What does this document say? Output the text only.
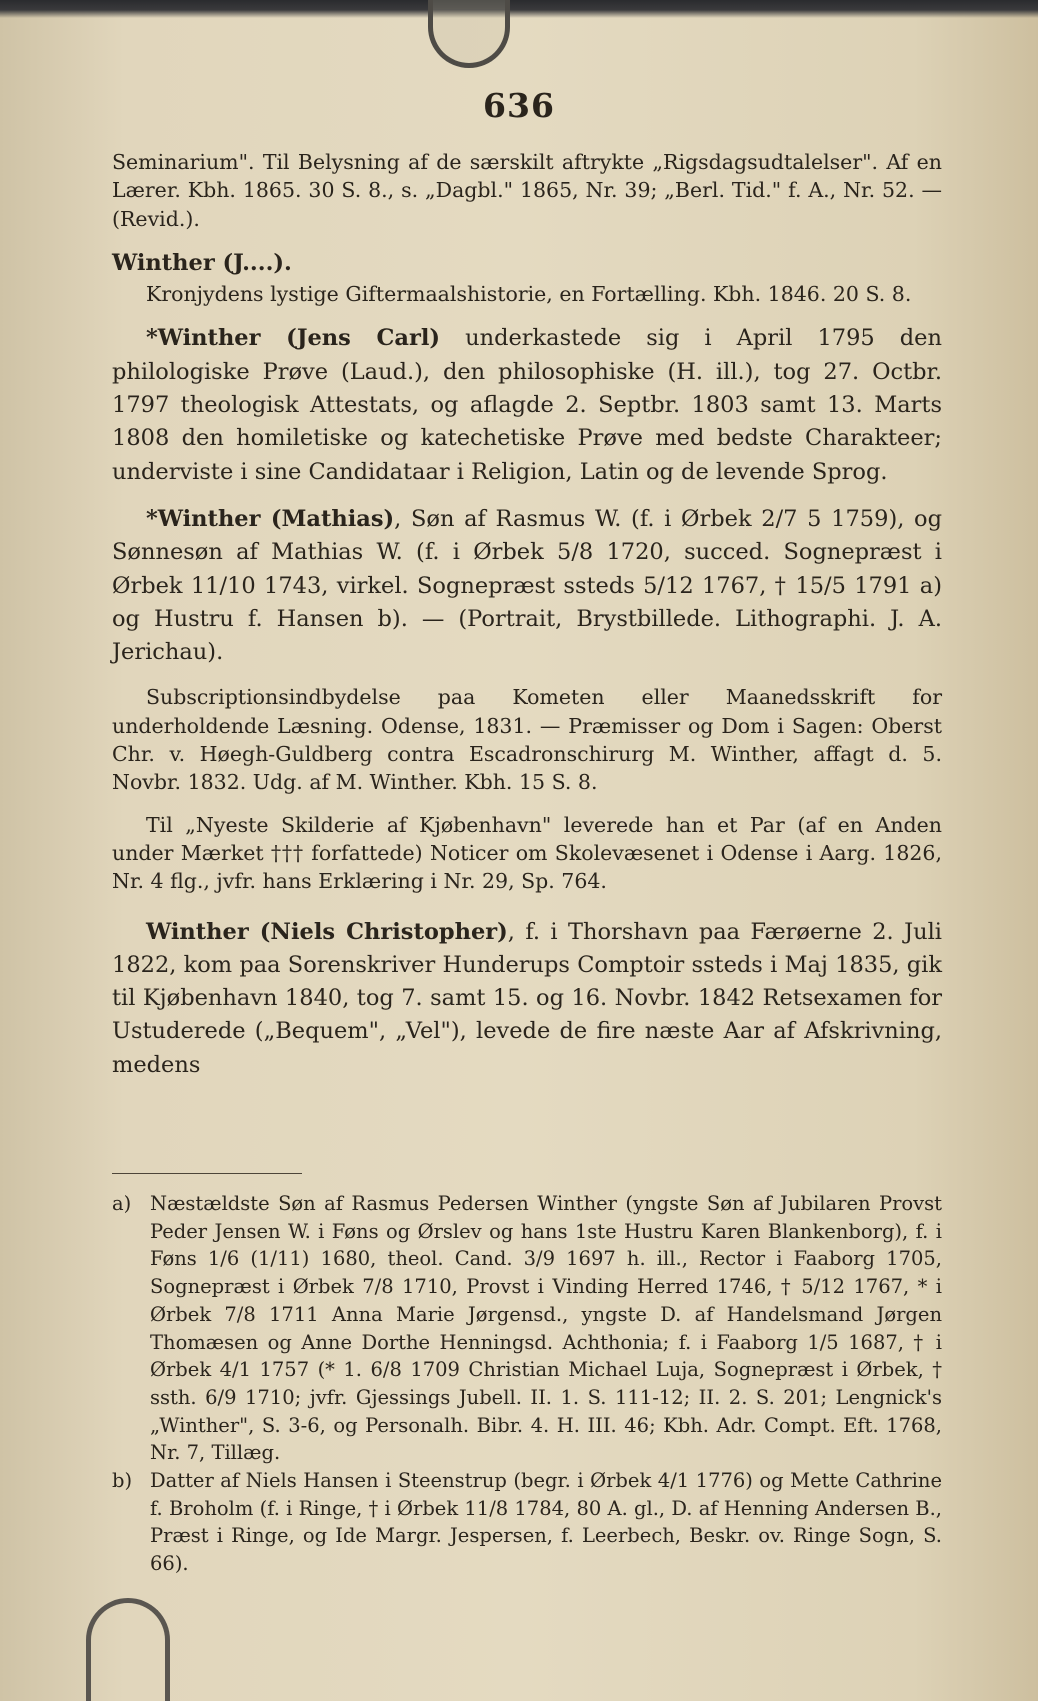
636

Seminarium". Til Belysning af de særskilt aftrykte „Rigsdagsudtalelser". Af en Lærer. Kbh. 1865. 30 S. 8., s. „Dagbl." 1865, Nr. 39; „Berl. Tid." f. A., Nr. 52. — (Revid.).

Winther (J....).

Kronjydens lystige Giftermaalshistorie, en Fortælling. Kbh. 1846. 20 S. 8.

*Winther (Jens Carl) underkastede sig i April 1795 den philologiske Prøve (Laud.), den philosophiske (H. ill.), tog 27. Octbr. 1797 theologisk Attestats, og aflagde 2. Septbr. 1803 samt 13. Marts 1808 den homiletiske og katechetiske Prøve med bedste Charakteer; underviste i sine Candidataar i Religion, Latin og de levende Sprog.

*Winther (Mathias), Søn af Rasmus W. (f. i Ørbek 2/7 5 1759), og Sønnesøn af Mathias W. (f. i Ørbek 5/8 1720, succed. Sognepræst i Ørbek 11/10 1743, virkel. Sognepræst ssteds 5/12 1767, † 15/5 1791 a) og Hustru f. Hansen b). — (Portrait, Brystbillede. Lithographi. J. A. Jerichau).

Subscriptionsindbydelse paa Kometen eller Maanedsskrift for underholdende Læsning. Odense, 1831. — Præmisser og Dom i Sagen: Oberst Chr. v. Høegh-Guldberg contra Escadronschirurg M. Winther, affagt d. 5. Novbr. 1832. Udg. af M. Winther. Kbh. 15 S. 8.

Til „Nyeste Skilderie af Kjøbenhavn" leverede han et Par (af en Anden under Mærket ††† forfattede) Noticer om Skolevæsenet i Odense i Aarg. 1826, Nr. 4 flg., jvfr. hans Erklæring i Nr. 29, Sp. 764.

Winther (Niels Christopher), f. i Thorshavn paa Færøerne 2. Juli 1822, kom paa Sorenskriver Hunderups Comptoir ssteds i Maj 1835, gik til Kjøbenhavn 1840, tog 7. samt 15. og 16. Novbr. 1842 Retsexamen for Ustuderede („Bequem", „Vel"), levede de fire næste Aar af Afskrivning, medens

a) Næstældste Søn af Rasmus Pedersen Winther (yngste Søn af Jubilaren Provst Peder Jensen W. i Føns og Ørslev og hans 1ste Hustru Karen Blankenborg), f. i Føns 1/6 (1/11) 1680, theol. Cand. 3/9 1697 h. ill., Rector i Faaborg 1705, Sognepræst i Ørbek 7/8 1710, Provst i Vinding Herred 1746, † 5/12 1767, * i Ørbek 7/8 1711 Anna Marie Jørgensd., yngste D. af Handelsmand Jørgen Thomæsen og Anne Dorthe Henningsd. Achthonia; f. i Faaborg 1/5 1687, † i Ørbek 4/1 1757 (* 1. 6/8 1709 Christian Michael Luja, Sognepræst i Ørbek, † ssth. 6/9 1710; jvfr. Gjessings Jubell. II. 1. S. 111-12; II. 2. S. 201; Lengnick's „Winther", S. 3-6, og Personalh. Bibr. 4. H. III. 46; Kbh. Adr. Compt. Eft. 1768, Nr. 7, Tillæg.
b) Datter af Niels Hansen i Steenstrup (begr. i Ørbek 4/1 1776) og Mette Cathrine f. Broholm (f. i Ringe, † i Ørbek 11/8 1784, 80 A. gl., D. af Henning Andersen B., Præst i Ringe, og Ide Margr. Jespersen, f. Leerbech, Beskr. ov. Ringe Sogn, S. 66).
